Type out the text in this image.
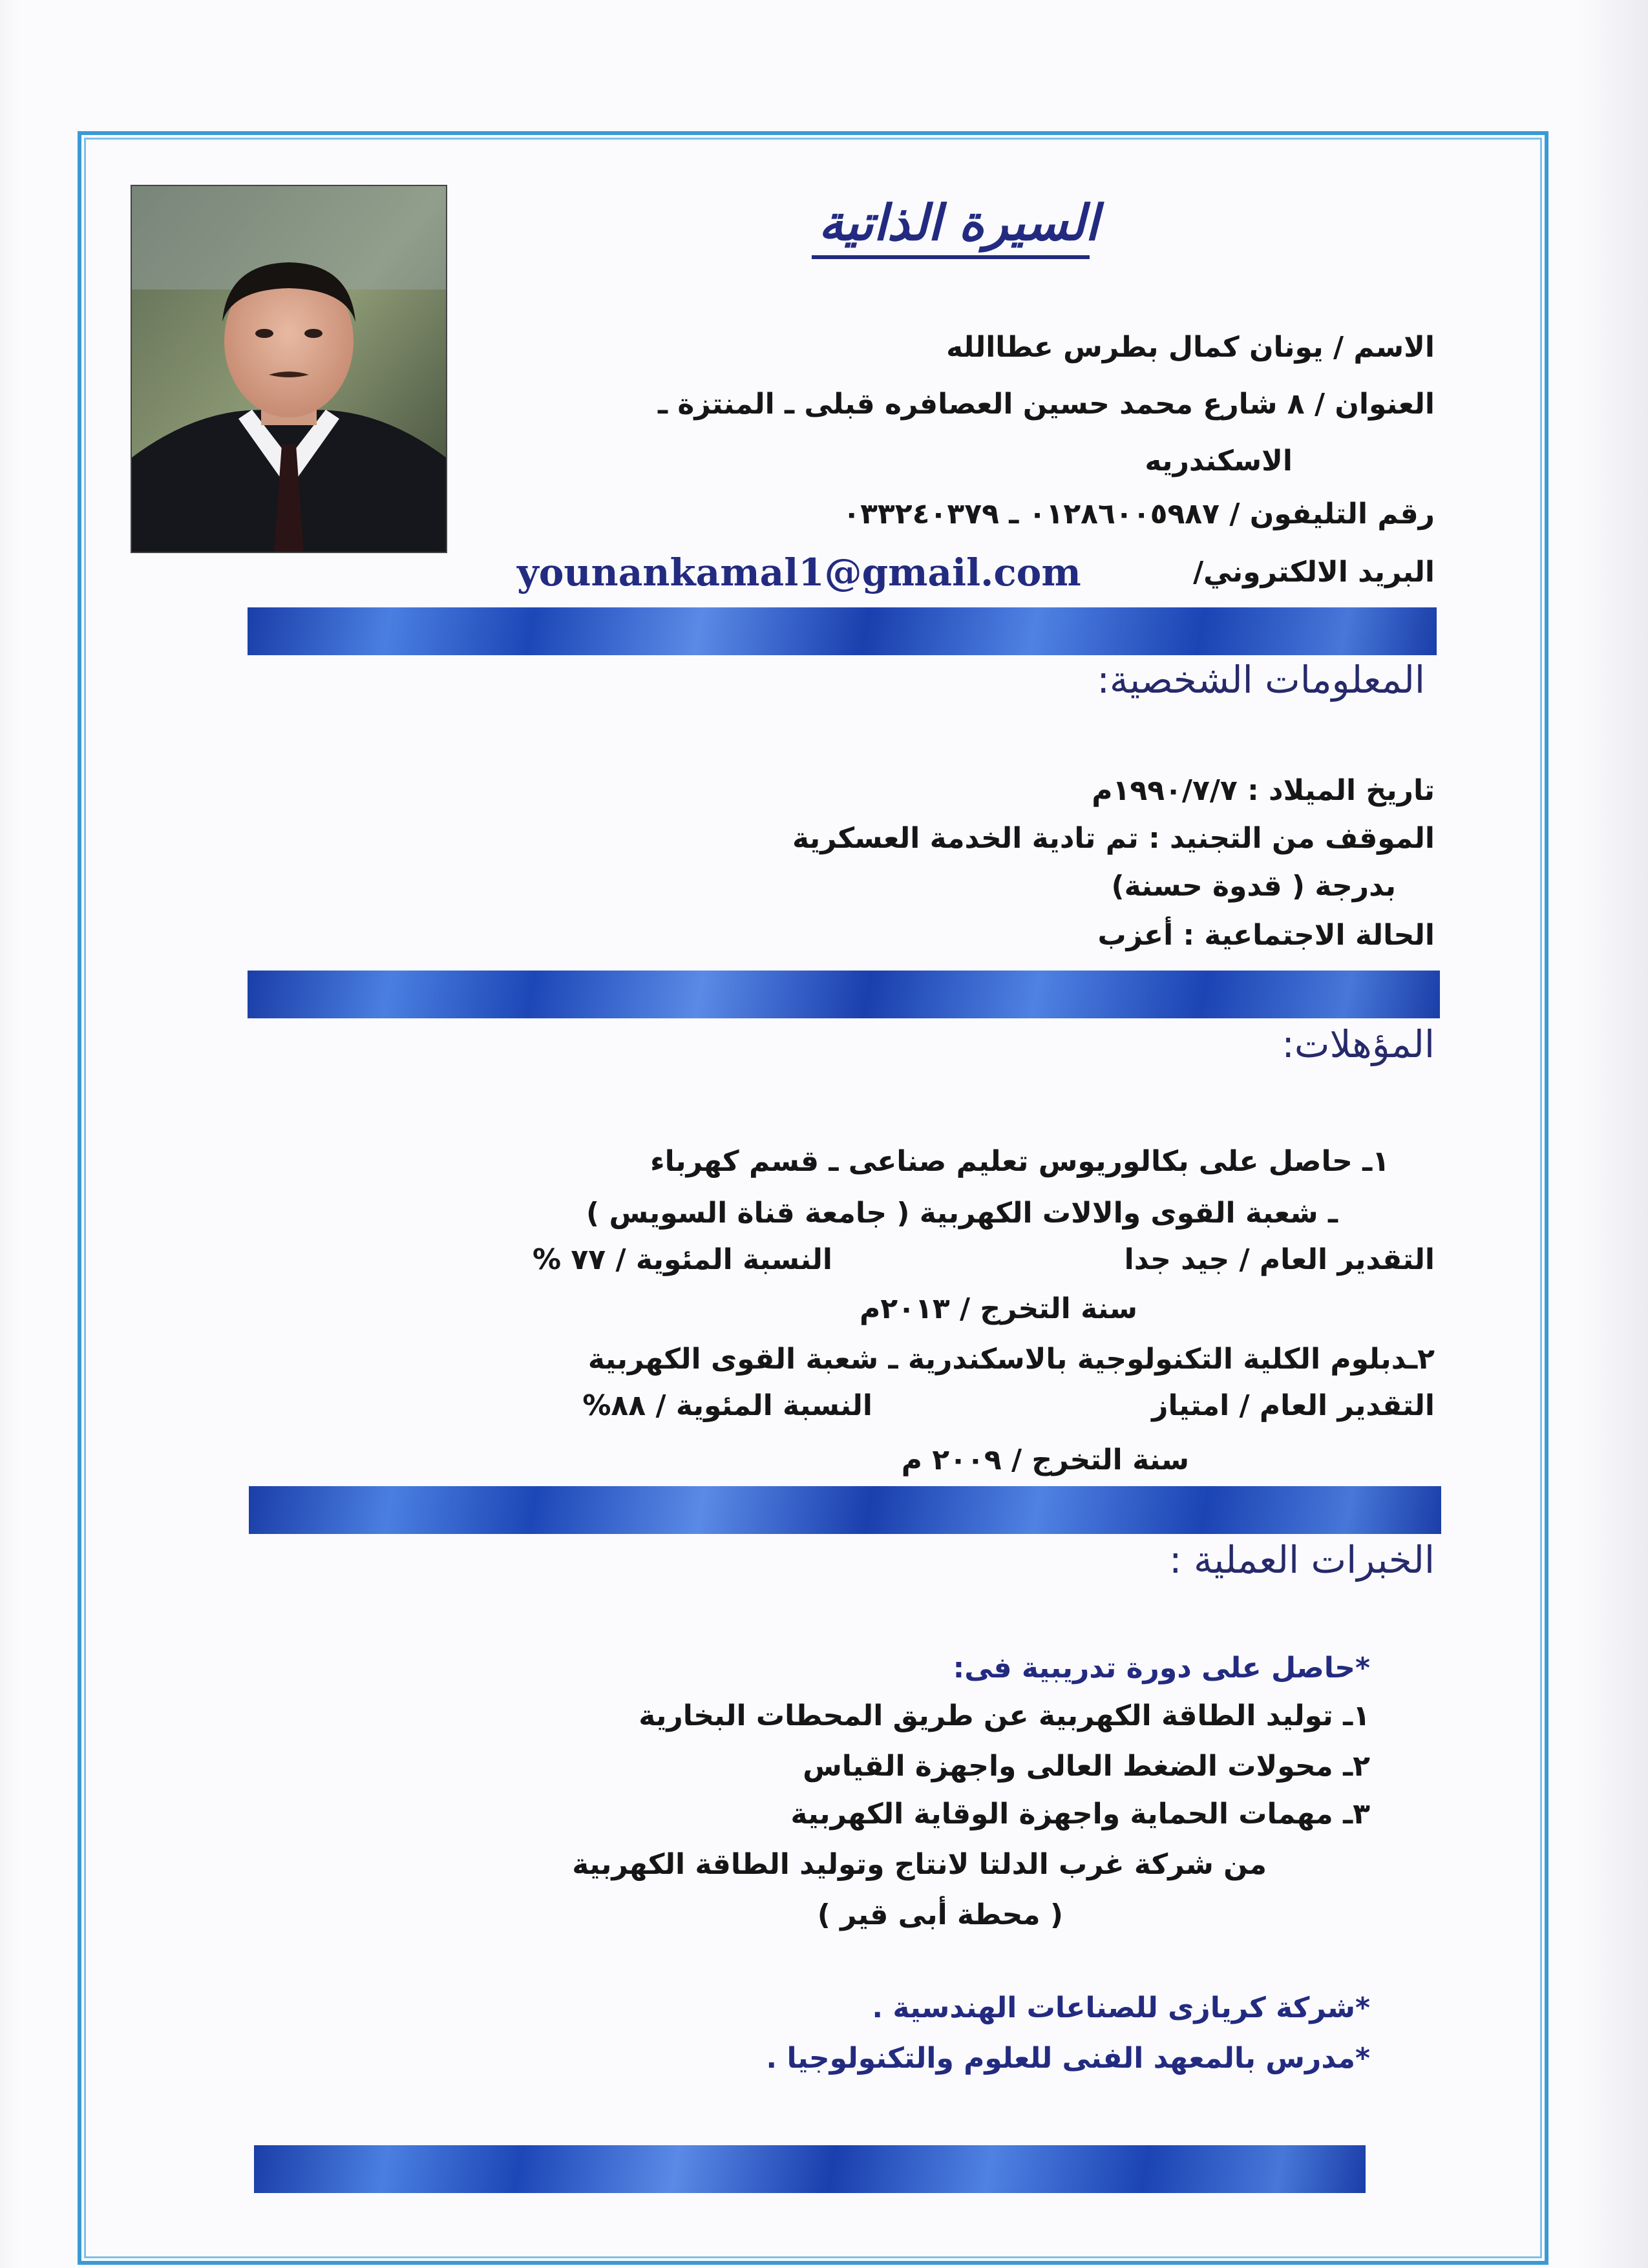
السيرة الذاتية
الاسم / يونان كمال بطرس عطاالله
العنوان / ٨ شارع محمد حسين العصافره قبلى ـ المنتزة ـ
الاسكندريه
رقم التليفون / ٠١٢٨٦٠٠٥٩٨٧ ـ ٠٣٣٢٤٠٣٧٩
البريد الالكتروني/
younankamal1@gmail.com
المعلومات الشخصية:
تاريخ الميلاد : ١٩٩٠/٧/٧م
الموقف من التجنيد : تم تادية الخدمة العسكرية
بدرجة ( قدوة حسنة)
الحالة الاجتماعية : أعزب
المؤهلات:
١ـ حاصل على بكالوريوس تعليم صناعى ـ قسم كهرباء
ـ شعبة القوى والالات الكهربية ( جامعة قناة السويس )
التقدير العام / جيد جدا
النسبة المئوية / ٧٧ %
سنة التخرج / ٢٠١٣م
٢ـدبلوم الكلية التكنولوجية بالاسكندرية ـ شعبة القوى الكهربية
التقدير العام / امتياز
النسبة المئوية / ٨٨%
سنة التخرج / ٢٠٠٩ م
الخبرات العملية :
*حاصل على دورة تدريبية فى:
١ـ توليد الطاقة الكهربية عن طريق المحطات البخارية
٢ـ محولات الضغط العالى واجهزة القياس
٣ـ مهمات الحماية واجهزة الوقاية الكهربية
من شركة غرب الدلتا لانتاج وتوليد الطاقة الكهربية
( محطة أبى قير )
*شركة كريازى للصناعات الهندسية .
*مدرس بالمعهد الفنى للعلوم والتكنولوجيا .
